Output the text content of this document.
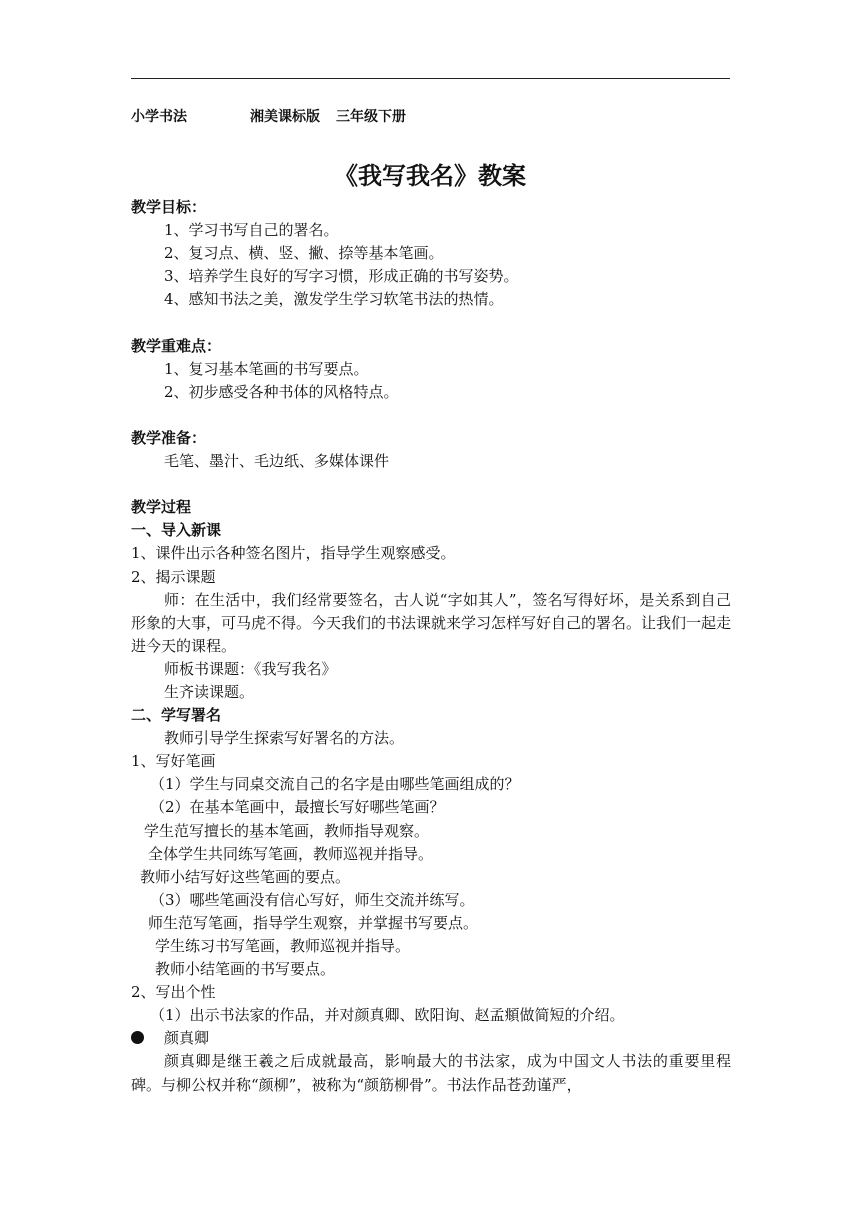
小学书法	湘美课标版 三年级下册
《我写我名》教案
教学目标：
1、学习书写自己的署名。
2、复习点、横、竖、撇、捺等基本笔画。
3、培养学生良好的写字习惯，形成正确的书写姿势。
4、感知书法之美，激发学生学习软笔书法的热情。
教学重难点：
1、复习基本笔画的书写要点。
2、初步感受各种书体的风格特点。
教学准备：
毛笔、墨汁、毛边纸、多媒体课件
教学过程
一、导入新课
1、课件出示各种签名图片，指导学生观察感受。
2、揭示课题
师：在生活中，我们经常要签名，古人说“字如其人”，签名写得好坏，是关系到自己形象的大事，可马虎不得。今天我们的书法课就来学习怎样写好自己的署名。让我们一起走进今天的课程。
师板书课题：《我写我名》
生齐读课题。
二、学写署名
教师引导学生探索写好署名的方法。
1、写好笔画
（1）学生与同桌交流自己的名字是由哪些笔画组成的？
（2）在基本笔画中，最擅长写好哪些笔画？
学生范写擅长的基本笔画，教师指导观察。
全体学生共同练写笔画，教师巡视并指导。
教师小结写好这些笔画的要点。
（3）哪些笔画没有信心写好，师生交流并练写。
师生范写笔画，指导学生观察，并掌握书写要点。
学生练习书写笔画，教师巡视并指导。
教师小结笔画的书写要点。
2、写出个性
（1）出示书法家的作品，并对颜真卿、欧阳询、赵孟頫做简短的介绍。
颜真卿
颜真卿是继王羲之后成就最高，影响最大的书法家，成为中国文人书法的重要里程碑。与柳公权并称“颜柳”，被称为“颜筋柳骨”。书法作品苍劲谨严，
